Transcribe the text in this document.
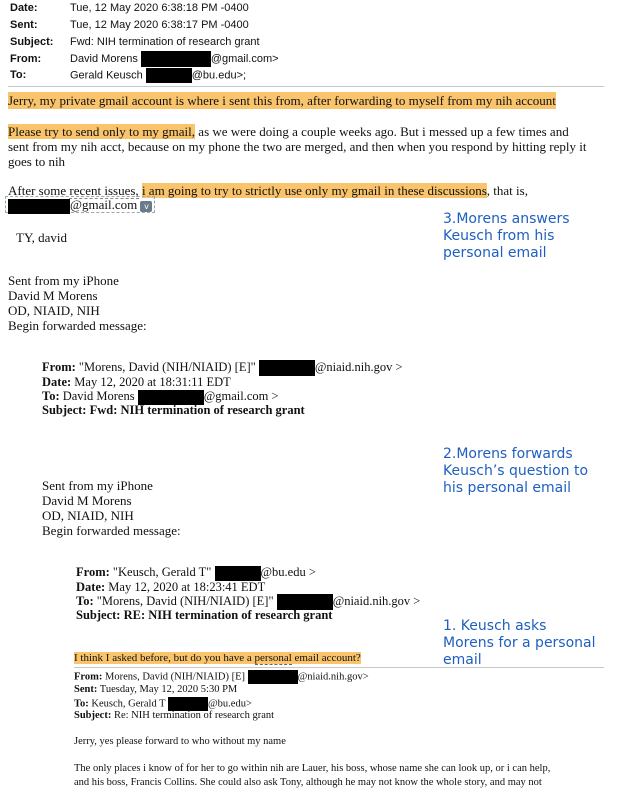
Date:	Tue, 12 May 2020 6:38:18 PM -0400
Sent:	Tue, 12 May 2020 6:38:17 PM -0400
Subject: Fwd: NIH termination of research grant
From:	David Morens	@gmail.com>
To:	Gerald Keusch	@bu.edu>;
Jerry, my private gmail account is where i sent this from, after forwarding to myself from my nih account
Please try to send only to my gmail, as we were doing a couple weeks ago. But i messed up a few times and
sent from my nih acct, because on my phone the two are merged, and then when you respond by hitting reply it
goes to nih
After some recent issues, i am going to try to strictly use only my gmail in these discussions, that is,
@gmail.com v
TY, david
Sent from my iPhone
David M Morens
OD, NIAID, NIH
Begin forwarded message:
From: "Morens, David (NIH/NIAID) [E]"	@niaid.nih.gov >
Date: May 12, 2020 at 18:31:11 EDT
To: David Morens	@gmail.com >
Subject: Fwd: NIH termination of research grant
Sent from my iPhone
David M Morens
OD, NIAID, NIH
Begin forwarded message:
From: "Keusch, Gerald T"	@bu.edu >
Date: May 12, 2020 at 18:23:41 EDT
To: "Morens, David (NIH/NIAID) [E]"	@niaid.nih.gov >
Subject: RE: NIH termination of research grant
I think I asked before, but do you have a personal email account?
From: Morens, David (NIH/NIAID) [E]	@niaid.nih.gov>
Sent: Tuesday, May 12, 2020 5:30 PM
To: Keusch, Gerald T	@bu.edu>
Subject: Re: NIH termination of research grant
Jerry, yes please forward to who without my name
The only places i know of for her to go within nih are Lauer, his boss, whose name she can look up, or i can help,
and his boss, Francis Collins. She could also ask Tony, although he may not know the whole story, and may not
3.Morens answers
Keusch from his
personal email
2.Morens forwards
Keusch’s question to
his personal email
1. Keusch asks
Morens for a personal
email
